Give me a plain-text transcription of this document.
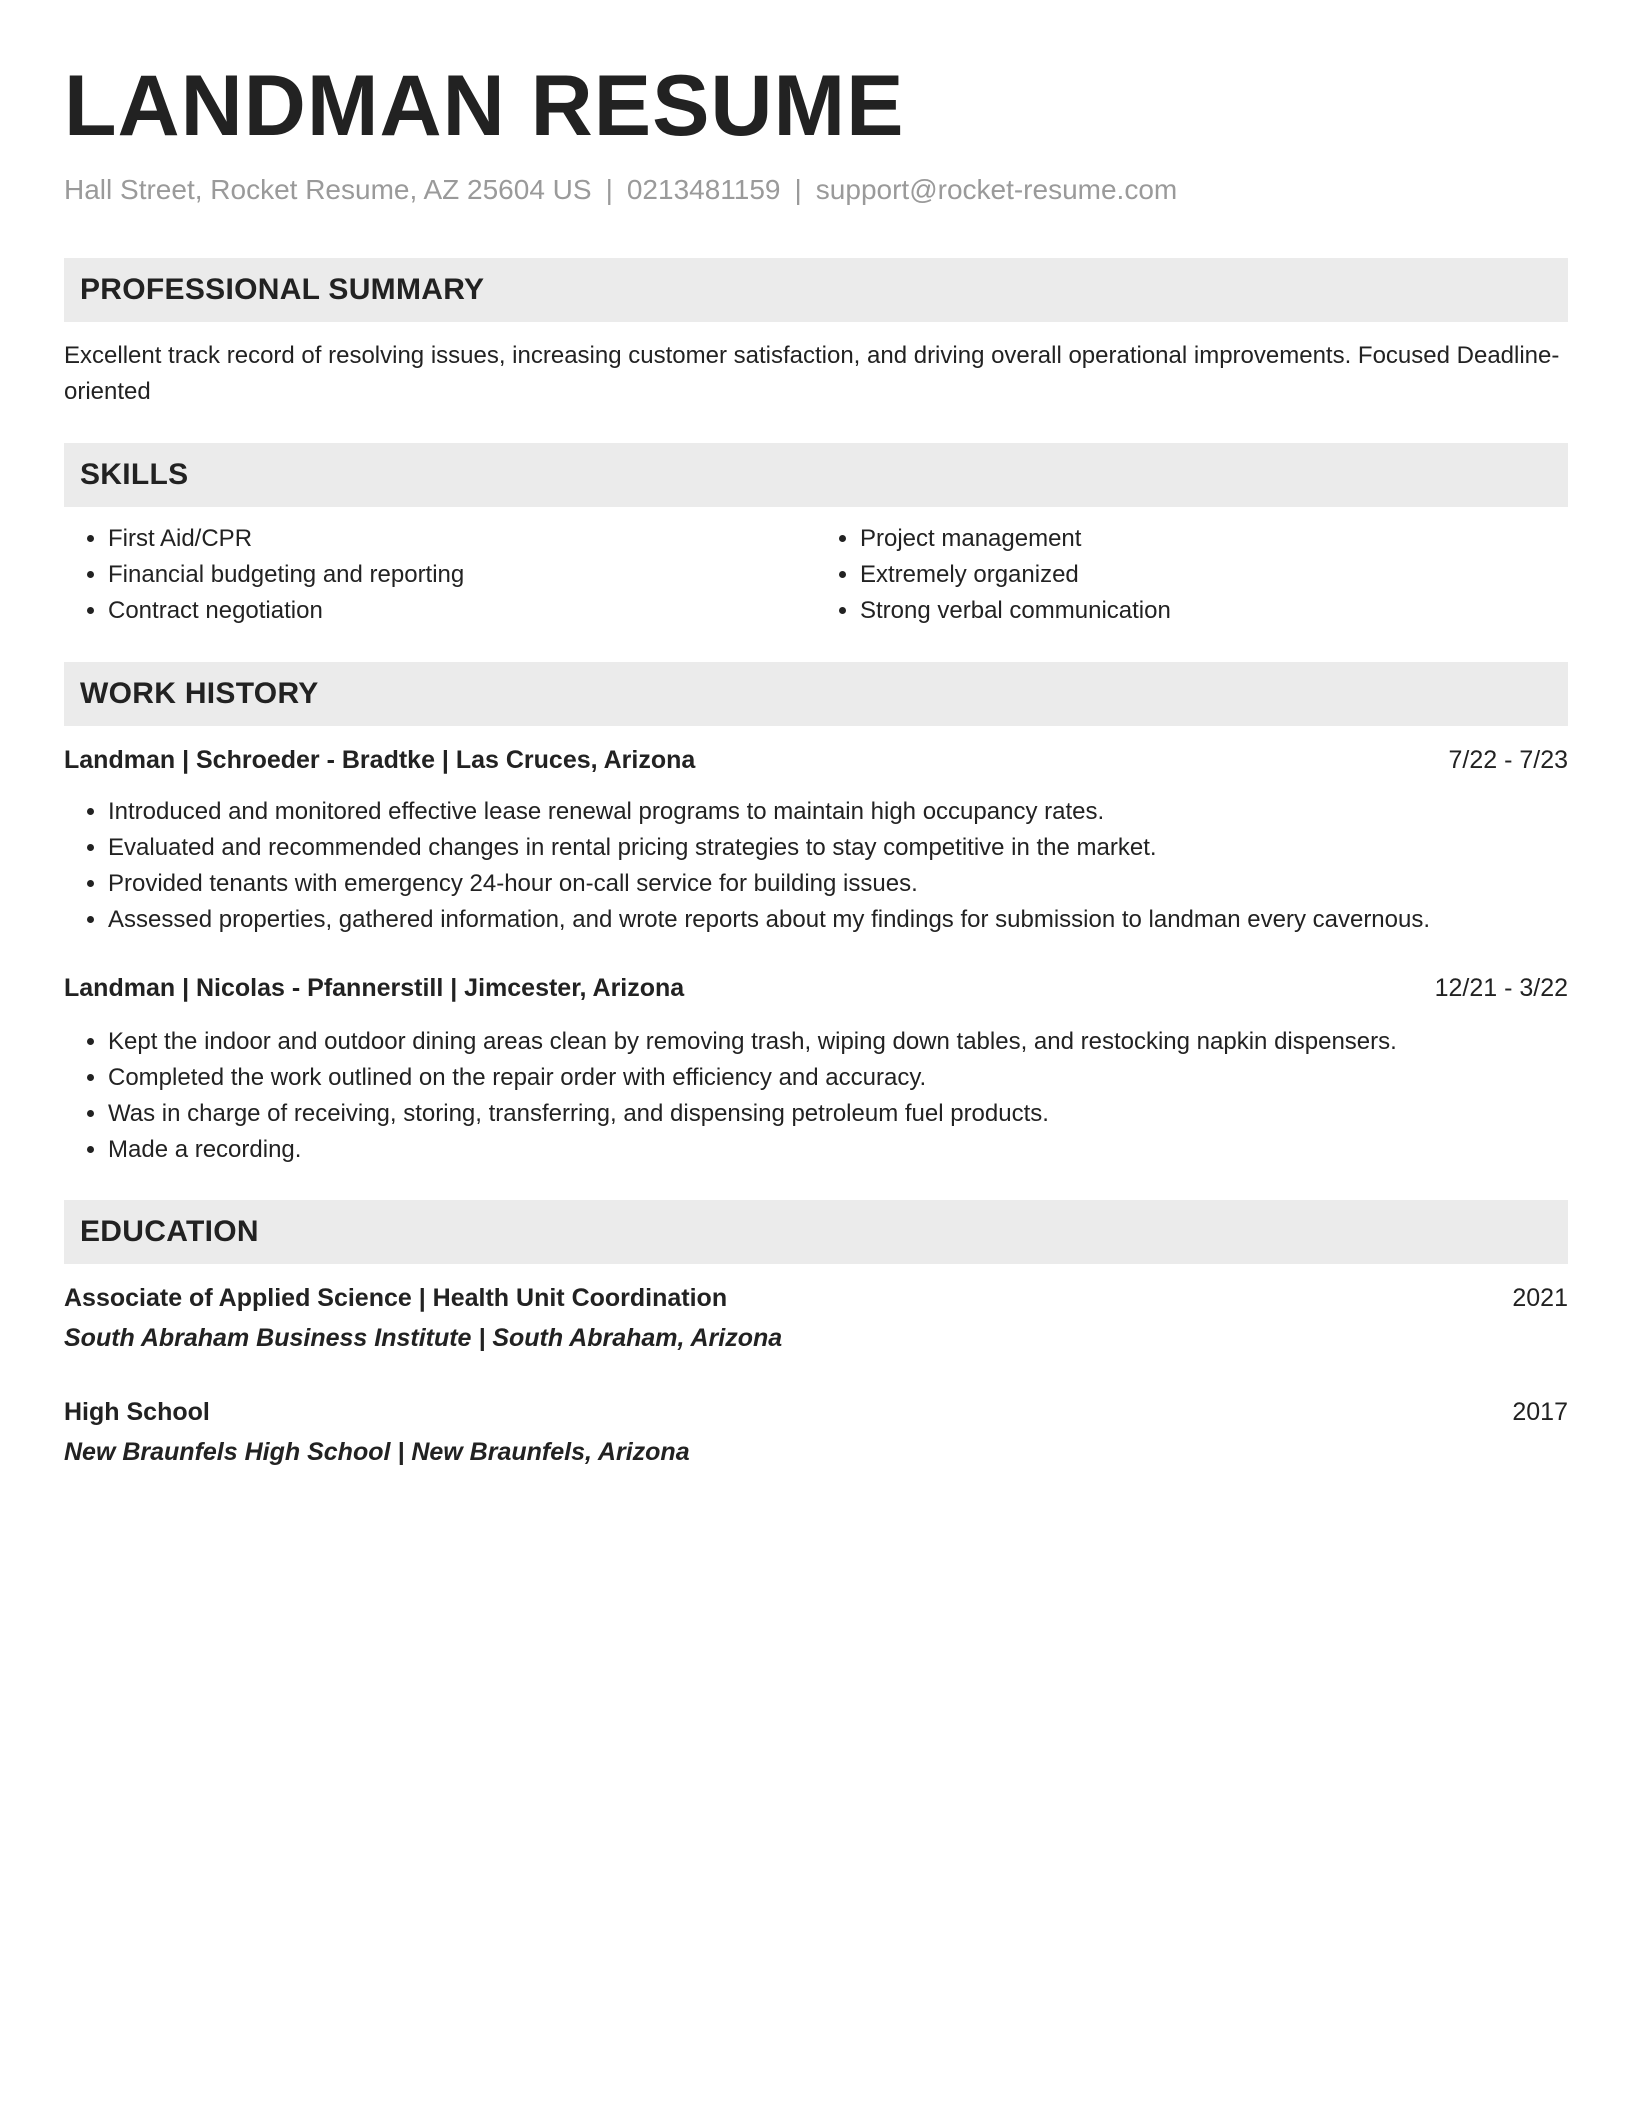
LANDMAN RESUME
Hall Street, Rocket Resume, AZ 25604 US | 0213481159 | support@rocket-resume.com
PROFESSIONAL SUMMARY
Excellent track record of resolving issues, increasing customer satisfaction, and driving overall operational improvements. Focused Deadline-oriented
SKILLS
• First Aid/CPR
• Financial budgeting and reporting
• Contract negotiation
• Project management
• Extremely organized
• Strong verbal communication
WORK HISTORY
Landman | Schroeder - Bradtke | Las Cruces, Arizona	7/22 - 7/23
• Introduced and monitored effective lease renewal programs to maintain high occupancy rates.
• Evaluated and recommended changes in rental pricing strategies to stay competitive in the market.
• Provided tenants with emergency 24-hour on-call service for building issues.
• Assessed properties, gathered information, and wrote reports about my findings for submission to landman every cavernous.
Landman | Nicolas - Pfannerstill | Jimcester, Arizona	12/21 - 3/22
• Kept the indoor and outdoor dining areas clean by removing trash, wiping down tables, and restocking napkin dispensers.
• Completed the work outlined on the repair order with efficiency and accuracy.
• Was in charge of receiving, storing, transferring, and dispensing petroleum fuel products.
• Made a recording.
EDUCATION
Associate of Applied Science | Health Unit Coordination	2021
South Abraham Business Institute | South Abraham, Arizona
High School	2017
New Braunfels High School | New Braunfels, Arizona
